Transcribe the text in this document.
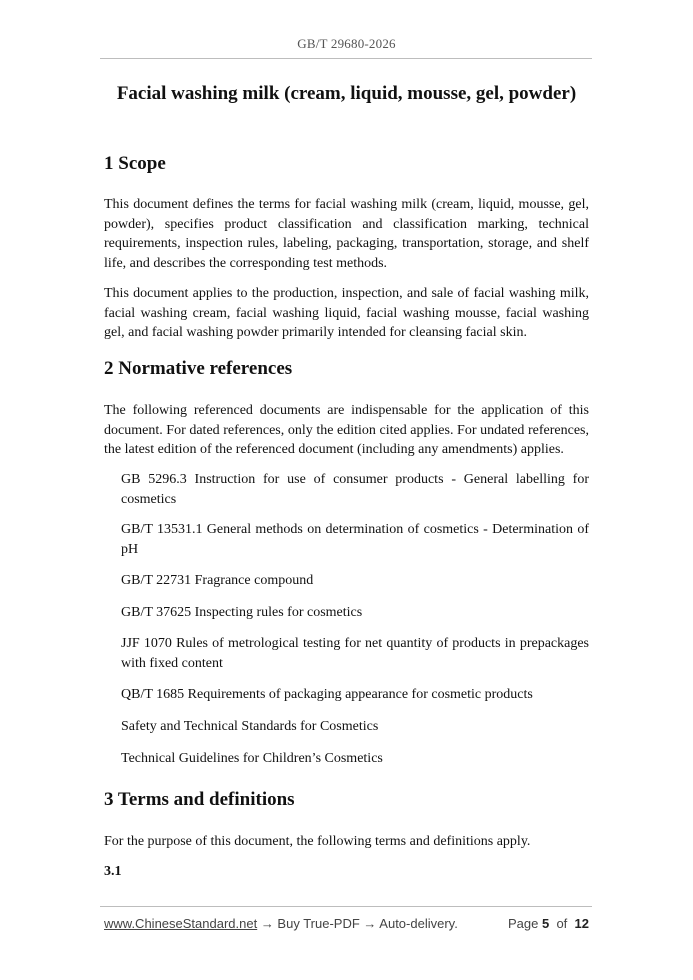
GB/T 29680-2026
Facial washing milk (cream, liquid, mousse, gel, powder)
1 Scope
This document defines the terms for facial washing milk (cream, liquid, mousse, gel, powder), specifies product classification and classification marking, technical requirements, inspection rules, labeling, packaging, transportation, storage, and shelf life, and describes the corresponding test methods.
This document applies to the production, inspection, and sale of facial washing milk, facial washing cream, facial washing liquid, facial washing mousse, facial washing gel, and facial washing powder primarily intended for cleansing facial skin.
2 Normative references
The following referenced documents are indispensable for the application of this document. For dated references, only the edition cited applies. For undated references, the latest edition of the referenced document (including any amendments) applies.
GB 5296.3 Instruction for use of consumer products - General labelling for cosmetics
GB/T 13531.1 General methods on determination of cosmetics - Determination of pH
GB/T 22731 Fragrance compound
GB/T 37625 Inspecting rules for cosmetics
JJF 1070 Rules of metrological testing for net quantity of products in prepackages with fixed content
QB/T 1685 Requirements of packaging appearance for cosmetic products
Safety and Technical Standards for Cosmetics
Technical Guidelines for Children’s Cosmetics
3 Terms and definitions
For the purpose of this document, the following terms and definitions apply.
3.1
www.ChineseStandard.net → Buy True-PDF → Auto-delivery.	Page 5 of 12
